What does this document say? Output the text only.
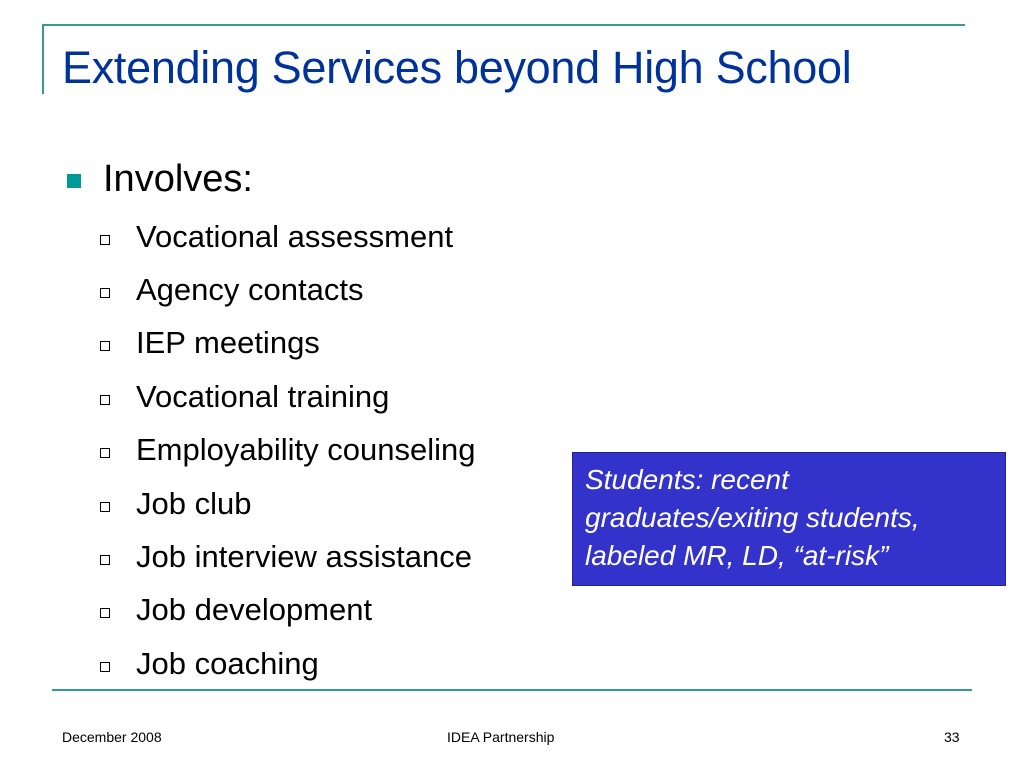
Extending Services beyond High School
Involves:
Vocational assessment
Agency contacts
IEP meetings
Vocational training
Employability counseling
Job club
Job interview assistance
Job development
Job coaching

Students: recent graduates/exiting students, labeled MR, LD, “at-risk”

December 2008	IDEA Partnership	33
